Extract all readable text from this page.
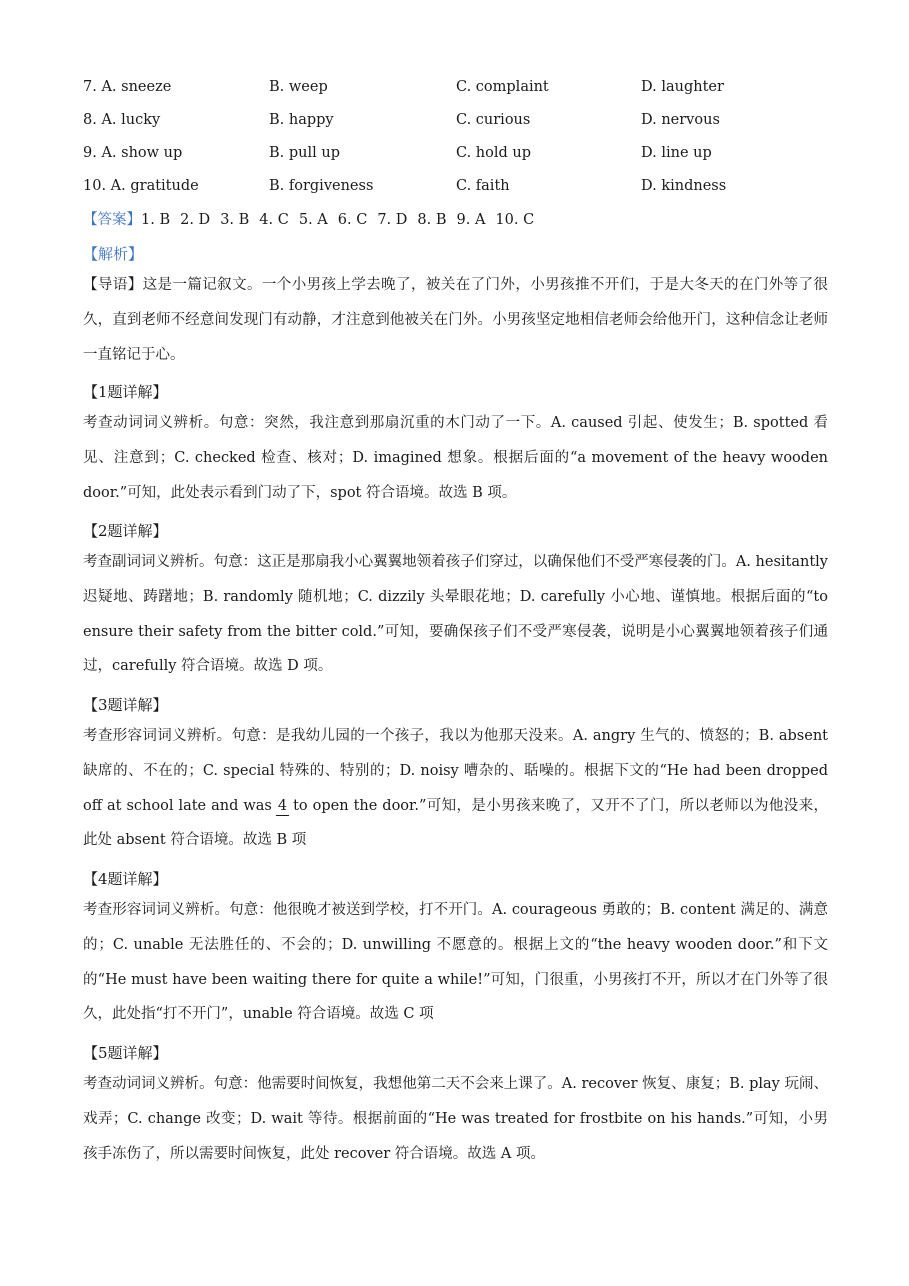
7. A. sneeze	B. weep	C. complaint	D. laughter
8. A. lucky	B. happy	C. curious	D. nervous
9. A. show up	B. pull up	C. hold up	D. line up
10. A. gratitude	B. forgiveness	C. faith	D. kindness
【答案】1. B 2. D 3. B 4. C 5. A 6. C 7. D 8. B 9. A 10. C
【解析】
【导语】这是一篇记叙文。一个小男孩上学去晚了，被关在了门外，小男孩推不开们，于是大冬天的在门外等了很久，直到老师不经意间发现门有动静，才注意到他被关在门外。小男孩坚定地相信老师会给他开门，这种信念让老师一直铭记于心。
【1题详解】
考查动词词义辨析。句意：突然，我注意到那扇沉重的木门动了一下。A. caused 引起、使发生；B. spotted 看见、注意到；C. checked 检查、核对；D. imagined 想象。根据后面的“a movement of the heavy wooden door.”可知，此处表示看到门动了下，spot 符合语境。故选 B 项。
【2题详解】
考查副词词义辨析。句意：这正是那扇我小心翼翼地领着孩子们穿过，以确保他们不受严寒侵袭的门。A. hesitantly 迟疑地、踌躇地；B. randomly 随机地；C. dizzily 头晕眼花地；D. carefully 小心地、谨慎地。根据后面的“to ensure their safety from the bitter cold.”可知，要确保孩子们不受严寒侵袭，说明是小心翼翼地领着孩子们通过，carefully 符合语境。故选 D 项。
【3题详解】
考查形容词词义辨析。句意：是我幼儿园的一个孩子，我以为他那天没来。A. angry 生气的、愤怒的；B. absent 缺席的、不在的；C. special 特殊的、特别的；D. noisy 嘈杂的、聒噪的。根据下文的“He had been dropped off at school late and was 4 to open the door.”可知，是小男孩来晚了，又开不了门，所以老师以为他没来，此处 absent 符合语境。故选 B 项
【4题详解】
考查形容词词义辨析。句意：他很晚才被送到学校，打不开门。A. courageous 勇敢的；B. content 满足的、满意的；C. unable 无法胜任的、不会的；D. unwilling 不愿意的。根据上文的“the heavy wooden door.”和下文的“He must have been waiting there for quite a while!”可知，门很重，小男孩打不开，所以才在门外等了很久，此处指“打不开门”，unable 符合语境。故选 C 项
【5题详解】
考查动词词义辨析。句意：他需要时间恢复，我想他第二天不会来上课了。A. recover 恢复、康复；B. play 玩闹、戏弄；C. change 改变；D. wait 等待。根据前面的“He was treated for frostbite on his hands.”可知，小男孩手冻伤了，所以需要时间恢复，此处 recover 符合语境。故选 A 项。
